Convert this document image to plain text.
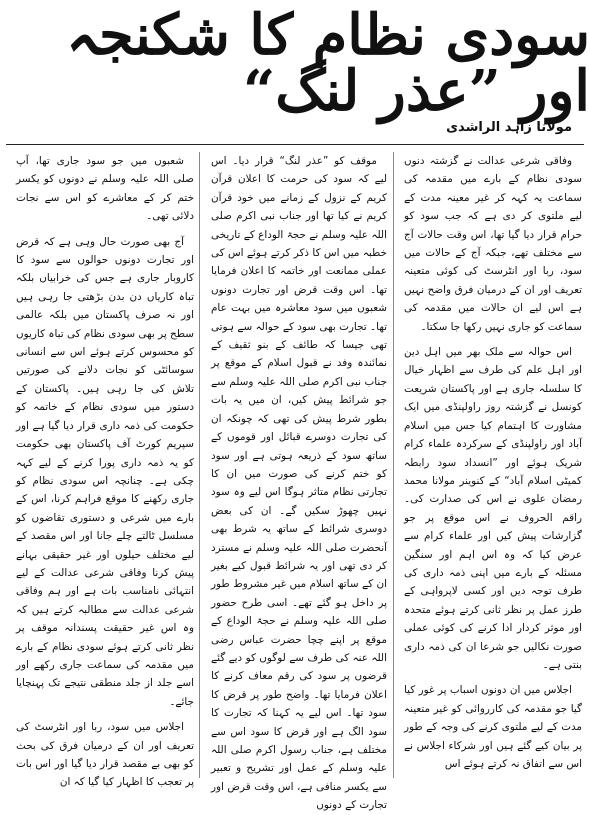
سودی نظام کا شکنجہ اور ”عذر لنگ“
مولانا زاہد الراشدی

وفاقی شرعی عدالت نے گزشتہ دنوں سودی نظام کے بارے میں مقدمہ کی سماعت یہ کہہ کر غیر معینہ مدت کے لیے ملتوی کر دی ہے کہ جب سود کو حرام قرار دیا گیا تھا، اس وقت حالات آج سے مختلف تھے، جبکہ آج کے حالات میں سود، ربا اور انٹرسٹ کی کوئی متعینہ تعریف اور ان کے درمیان فرق واضح نہیں ہے اس لیے ان حالات میں مقدمہ کی سماعت کو جاری نہیں رکھا جا سکتا۔

اس حوالہ سے ملک بھر میں اہل دین اور اہل علم کی طرف سے اظہار خیال کا سلسلہ جاری ہے اور پاکستان شریعت کونسل نے گزشتہ روز راولپنڈی میں ایک مشاورت کا اہتمام کیا جس میں اسلام آباد اور راولپنڈی کے سرکردہ علماء کرام شریک ہوئے اور ”انسداد سود رابطہ کمیٹی اسلام آباد“ کے کنوینر مولانا محمد رمضان علوی نے اس کی صدارت کی۔ راقم الحروف نے اس موقع پر جو گزارشات پیش کیں اور علماء کرام سے عرض کیا کہ وہ اس اہم اور سنگین مسئلہ کے بارے میں اپنی ذمہ داری کی طرف توجہ دیں اور کسی لاپرواہی کے طرز عمل پر نظر ثانی کرتے ہوئے متحدہ اور موثر کردار ادا کرنے کی کوئی عملی صورت نکالیں جو شرعا ان کی ذمہ داری بنتی ہے۔

اجلاس میں ان دونوں اسباب پر غور کیا گیا جو مقدمہ کی کارروائی کو غیر متعینہ مدت کے لیے ملتوی کرنے کی وجہ کے طور پر بیان کیے گئے ہیں اور شرکاء اجلاس نے اس سے اتفاق نہ کرتے ہوئے اس

موقف کو ”عذر لنگ“ قرار دیا۔ اس لیے کہ سود کی حرمت کا اعلان قرآن کریم کے نزول کے زمانے میں خود قرآن کریم نے کیا تھا اور جناب نبی اکرم صلی اللہ علیہ وسلم نے حجۃ الوداع کے تاریخی خطبہ میں اس کا ذکر کرتے ہوئے اس کی عملی ممانعت اور خاتمہ کا اعلان فرمایا تھا۔ اس وقت قرض اور تجارت دونوں شعبوں میں سود معاشرہ میں بہت عام تھا۔ تجارت بھی سود کے حوالہ سے ہوتی تھی جیسا کہ طائف کے بنو ثقیف کے نمائندہ وفد نے قبول اسلام کے موقع پر جناب نبی اکرم صلی اللہ علیہ وسلم سے جو شرائط پیش کیں، ان میں یہ بات بطور شرط پیش کی تھی کہ چونکہ ان کی تجارت دوسرے قبائل اور قوموں کے ساتھ سود کے ذریعہ ہوتی ہے اور سود کو ختم کرنے کی صورت میں ان کا تجارتی نظام متاثر ہوگا اس لیے وہ سود نہیں چھوڑ سکیں گے۔ ان کی بعض دوسری شرائط کے ساتھ یہ شرط بھی آنحضرت صلی اللہ علیہ وسلم نے مسترد کر دی تھی اور یہ شرائط قبول کیے بغیر ان کے ساتھ اسلام میں غیر مشروط طور پر داخل ہو گئے تھے۔ اسی طرح حضور صلی اللہ علیہ وسلم نے حجۃ الوداع کے موقع پر اپنے چچا حضرت عباس رضی اللہ عنہ کی طرف سے لوگوں کو دیے گئے قرضوں پر سود کی رقم معاف کرنے کا اعلان فرمایا تھا۔ واضح طور پر قرض کا سود تھا۔ اس لیے یہ کہنا کہ تجارت کا سود الگ ہے اور قرض کا سود اس سے مختلف ہے، جناب رسول اکرم صلی اللہ علیہ وسلم کے عمل اور تشریح و تعبیر سے یکسر منافی ہے، اس وقت قرض اور تجارت کے دونوں

شعبوں میں جو سود جاری تھا، آپ صلی اللہ علیہ وسلم نے دونوں کو یکسر ختم کر کے معاشرے کو اس سے نجات دلائی تھی۔

آج بھی صورت حال وہی ہے کہ قرض اور تجارت دونوں حوالوں سے سود کا کاروبار جاری ہے جس کی خرابیاں بلکہ تباہ کاریاں دن بدن بڑھتی جا رہی ہیں اور نہ صرف پاکستان میں بلکہ عالمی سطح پر بھی سودی نظام کی تباہ کاریوں کو محسوس کرتے ہوئے اس سے انسانی سوسائٹی کو نجات دلانے کی صورتیں تلاش کی جا رہی ہیں۔ پاکستان کے دستور میں سودی نظام کے خاتمہ کو حکومت کی ذمہ داری قرار دیا گیا ہے اور سپریم کورٹ آف پاکستان بھی حکومت کو یہ ذمہ داری پورا کرنے کے لیے کہہ چکی ہے۔ چنانچہ اس سودی نظام کو جاری رکھنے کا موقع فراہم کرنا، اس کے بارے میں شرعی و دستوری تقاضوں کو مسلسل ٹالتے چلے جانا اور اس مقصد کے لیے مختلف حیلوں اور غیر حقیقی بہانے پیش کرنا وفاقی شرعی عدالت کے لیے انتہائی نامناسب بات ہے اور ہم وفاقی شرعی عدالت سے مطالبہ کرتے ہیں کہ وہ اس غیر حقیقت پسندانہ موقف پر نظر ثانی کرتے ہوئے سودی نظام کے بارے میں مقدمہ کی سماعت جاری رکھے اور اسے جلد از جلد منطقی نتیجے تک پہنچایا جائے۔

اجلاس میں سود، ربا اور انٹرسٹ کی تعریف اور ان کے درمیان فرق کی بحث کو بھی بے مقصد قرار دیا گیا اور اس بات پر تعجب کا اظہار کیا گیا کہ ان
